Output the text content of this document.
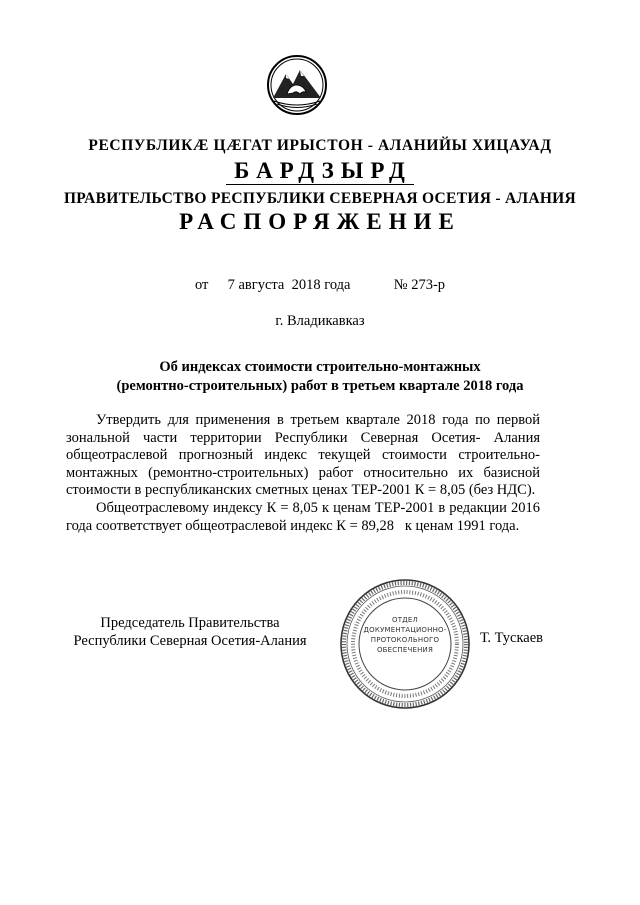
РЕСПУБЛИКӔ ЦӔГАТ ИРЫСТОН - АЛАНИЙЫ ХИЦАУАД
БАРДЗЫРД
ПРАВИТЕЛЬСТВО РЕСПУБЛИКИ СЕВЕРНАЯ ОСЕТИЯ - АЛАНИЯ
РАСПОРЯЖЕНИЕ
от 7 августа  2018 года	№ 273-р
г. Владикавказ
Об индексах стоимости строительно-монтажных
(ремонтно-строительных) работ в третьем квартале 2018 года

Утвердить для применения в третьем квартале 2018 года по первой зональной части территории Республики Северная Осетия- Алания общеотраслевой прогнозный индекс текущей стоимости строительно-монтажных (ремонтно-строительных) работ относительно их базисной стоимости в республиканских сметных ценах ТЕР-2001 К = 8,05 (без НДС).

Общеотраслевому индексу К = 8,05 к ценам ТЕР-2001 в редакции 2016 года соответствует общеотраслевой индекс К = 89,28   к ценам 1991 года.

Председатель Правительства
Республики Северная Осетия-Алания
ОТДЕЛ
ДОКУМЕНТАЦИОННО-
ПРОТОКОЛЬНОГО
ОБЕСПЕЧЕНИЯ
Т. Тускаев
